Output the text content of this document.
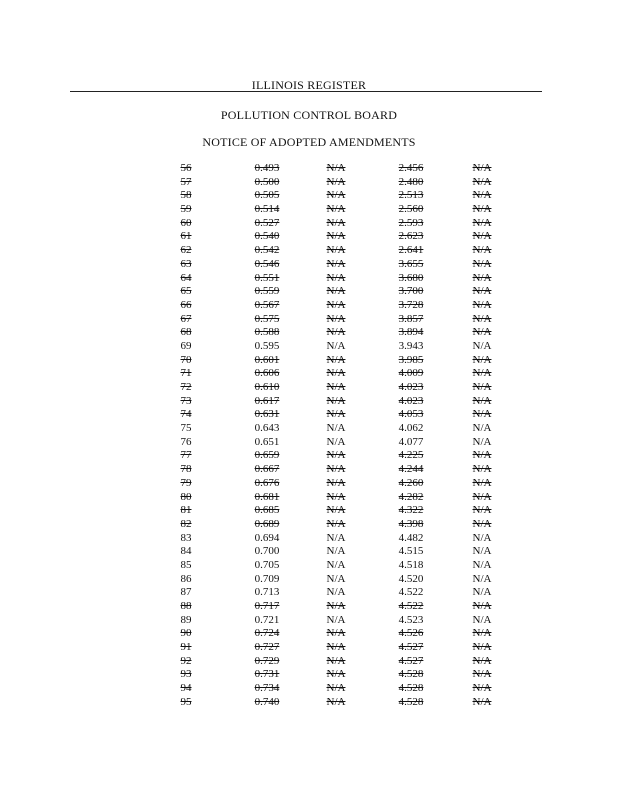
ILLINOIS REGISTER
POLLUTION CONTROL BOARD
NOTICE OF ADOPTED AMENDMENTS
56	0.493	N/A	2.456	N/A
57	0.500	N/A	2.480	N/A
58	0.505	N/A	2.513	N/A
59	0.514	N/A	2.560	N/A
60	0.527	N/A	2.593	N/A
61	0.540	N/A	2.623	N/A
62	0.542	N/A	2.641	N/A
63	0.546	N/A	3.655	N/A
64	0.551	N/A	3.680	N/A
65	0.559	N/A	3.700	N/A
66	0.567	N/A	3.728	N/A
67	0.575	N/A	3.857	N/A
68	0.588	N/A	3.894	N/A
69	0.595	N/A	3.943	N/A
70	0.601	N/A	3.985	N/A
71	0.606	N/A	4.009	N/A
72	0.610	N/A	4.023	N/A
73	0.617	N/A	4.023	N/A
74	0.631	N/A	4.053	N/A
75	0.643	N/A	4.062	N/A
76	0.651	N/A	4.077	N/A
77	0.659	N/A	4.225	N/A
78	0.667	N/A	4.244	N/A
79	0.676	N/A	4.260	N/A
80	0.681	N/A	4.282	N/A
81	0.685	N/A	4.322	N/A
82	0.689	N/A	4.398	N/A
83	0.694	N/A	4.482	N/A
84	0.700	N/A	4.515	N/A
85	0.705	N/A	4.518	N/A
86	0.709	N/A	4.520	N/A
87	0.713	N/A	4.522	N/A
88	0.717	N/A	4.522	N/A
89	0.721	N/A	4.523	N/A
90	0.724	N/A	4.526	N/A
91	0.727	N/A	4.527	N/A
92	0.729	N/A	4.527	N/A
93	0.731	N/A	4.528	N/A
94	0.734	N/A	4.528	N/A
95	0.740	N/A	4.528	N/A
